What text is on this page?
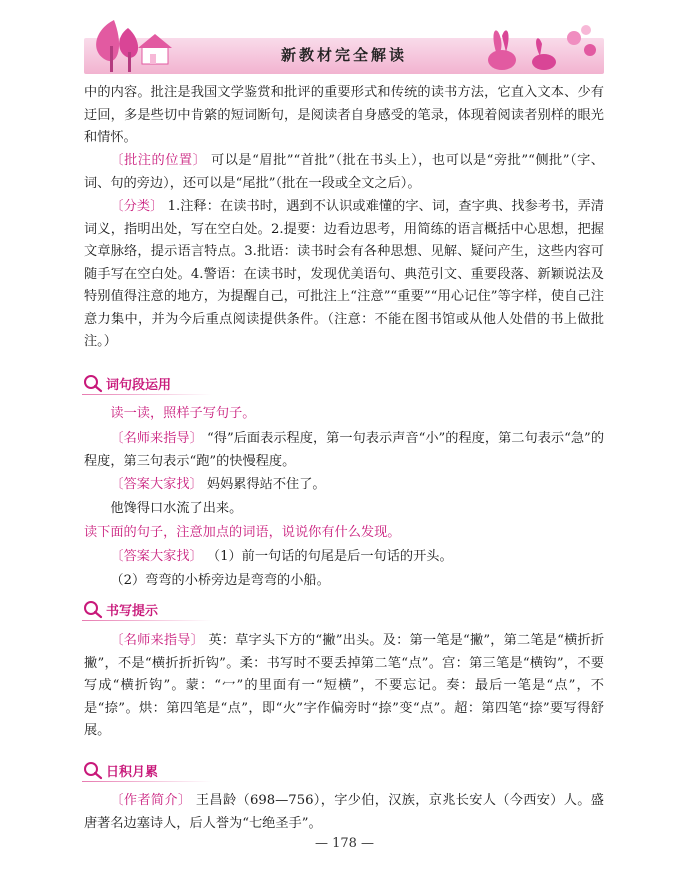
新教材完全解读
中的内容。批注是我国文学鉴赏和批评的重要形式和传统的读书方法，它直入文本、少有迂回，多是些切中肯綮的短词断句，是阅读者自身感受的笔录，体现着阅读者别样的眼光和情怀。
〔批注的位置〕 可以是“眉批”“首批”（批在书头上），也可以是“旁批”“侧批”（字、词、句的旁边），还可以是“尾批”（批在一段或全文之后）。
〔分类〕 1.注释：在读书时，遇到不认识或难懂的字、词，查字典、找参考书，弄清词义，指明出处，写在空白处。2.提要：边看边思考，用简练的语言概括中心思想，把握文章脉络，提示语言特点。3.批语：读书时会有各种思想、见解、疑问产生，这些内容可随手写在空白处。4.警语：在读书时，发现优美语句、典范引文、重要段落、新颖说法及特别值得注意的地方，为提醒自己，可批注上“注意”“重要”“用心记住”等字样，使自己注意力集中，并为今后重点阅读提供条件。（注意：不能在图书馆或从他人处借的书上做批注。）
词句段运用
读一读，照样子写句子。
〔名师来指导〕 “得”后面表示程度，第一句表示声音“小”的程度，第二句表示“急”的程度，第三句表示“跑”的快慢程度。
〔答案大家找〕 妈妈累得站不住了。
他馋得口水流了出来。
读下面的句子，注意加点的词语，说说你有什么发现。
〔答案大家找〕 （1）前一句话的句尾是后一句话的开头。
（2）弯弯的小桥旁边是弯弯的小船。
书写提示
〔名师来指导〕 英：草字头下方的“撇”出头。及：第一笔是“撇”，第二笔是“横折折撇”，不是“横折折折钩”。柔：书写时不要丢掉第二笔“点”。宫：第三笔是“横钩”，不要写成“横折钩”。蒙：“冖”的里面有一“短横”，不要忘记。奏：最后一笔是“点”，不是“捺”。烘：第四笔是“点”，即“火”字作偏旁时“捺”变“点”。超：第四笔“捺”要写得舒展。
日积月累
〔作者简介〕 王昌龄（698—756），字少伯，汉族，京兆长安人（今西安）人。盛唐著名边塞诗人，后人誉为“七绝圣手”。
— 178 —
